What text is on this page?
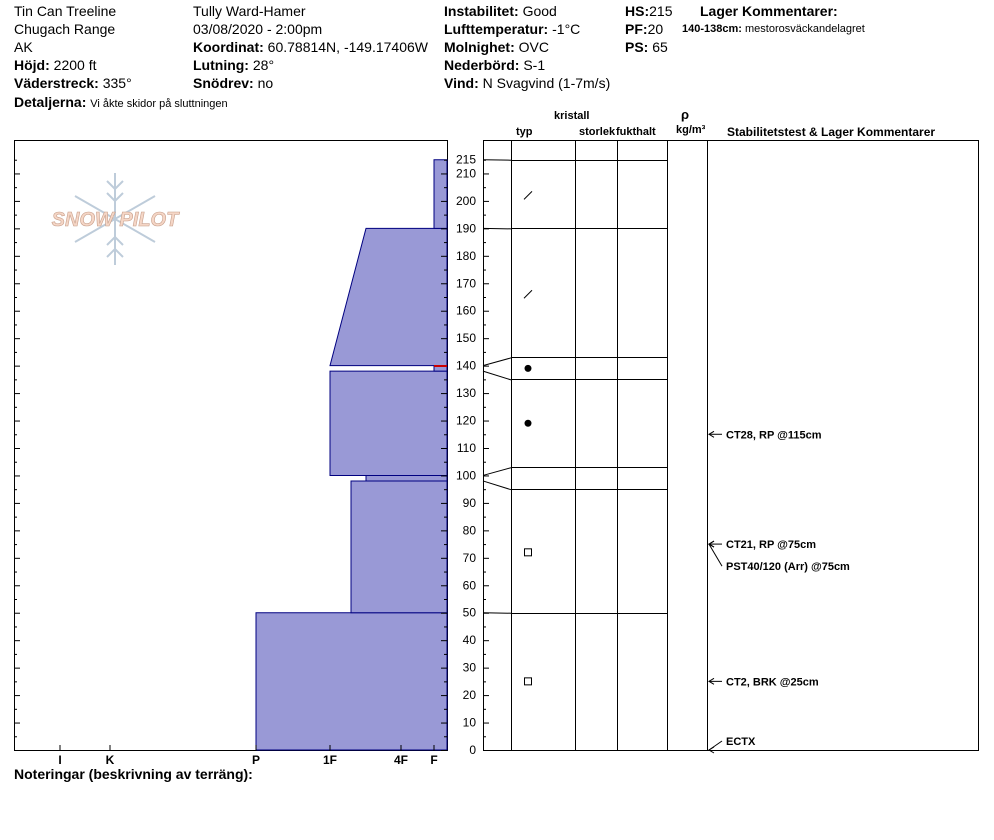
Tin Can Treeline
Chugach Range
AK
Höjd: 2200 ft
Väderstreck: 335°
Detaljerna: Vi åkte skidor på sluttningen
Tully Ward-Hamer
03/08/2020 - 2:00pm
Koordinat: 60.78814N, -149.17406W
Lutning: 28°
Snödrev: no
Instabilitet: Good
Lufttemperatur: -1°C
Molnighet: OVC
Nederbörd: S-1
Vind: N Svagvind (1-7m/s)
HS:215
PF:20
PS: 65
Lager Kommentarer:
140-138cm: mestorosväckandelagret
kristall
typ	storlek fukthalt
ρ
kg/m³ Stabilitetstest & Lager Kommentarer
Noteringar (beskrivning av terräng):
SNOW PILOT
I	K	P	1F	4F F
0
10
20
30
40
50
60
70
80
90
100
110
120
130
140
150
160
170
180
190
200
210
215
CT28, RP @115cm
CT21, RP @75cm
PST40/120 (Arr) @75cm
CT2, BRK @25cm
ECTX
